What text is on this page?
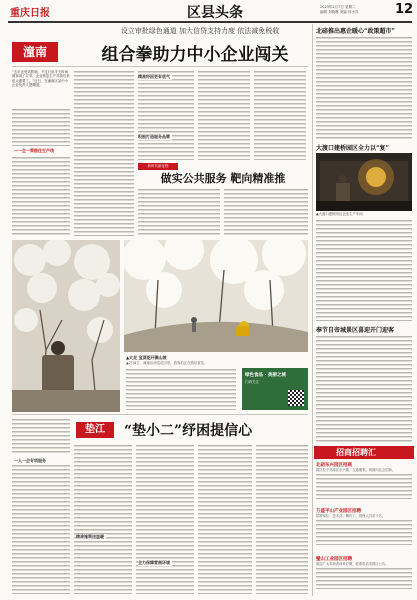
重庆日报	区县头条	2023年2月7日 星期二
编辑 刘晓琳 美编 何小洋	12
设立审批绿色通道 加大信贷支持力度 依法减免税收
潼南	组合拳助力中小企业闯关
“去年也受到影响，不过只用半天时间就拿到了订单，企业恢复生产对我们来说太重要了。”近日，在潼南区某中小企业负责人感慨道。
—一企一策稳住生产线
精准纾困更有底气
积极打造服务品牌
新时代新征程
做实公共服务 靶向精准推
▲大足 宝顶花开满山坡
▲2月8日，潼南区油菜花田里，游客们正在游玩赏花。
绿色食品 · 美丽之城
扫码关注
北碚推出惠企暖心“政策超市”
大渡口建桥园区全力以“复”
▲大渡口建桥园区企业生产车间
奉节自帝城景区喜迎开门迎客
招商招聘汇
北碚东兴园区招商
园区位于北碚区东兴镇，交通便利，现面向社会招商。
万盛平山产业园区招聘
招聘岗位：技术员、操作工、管理人员若干名。
璧山工业园区招聘
欢迎广大求职者前来应聘，联系电话见园区公告。
垫江	“垫小二”纾困提信心
一人一企专项服务
精准施策送温暖
全力保障营商环境
